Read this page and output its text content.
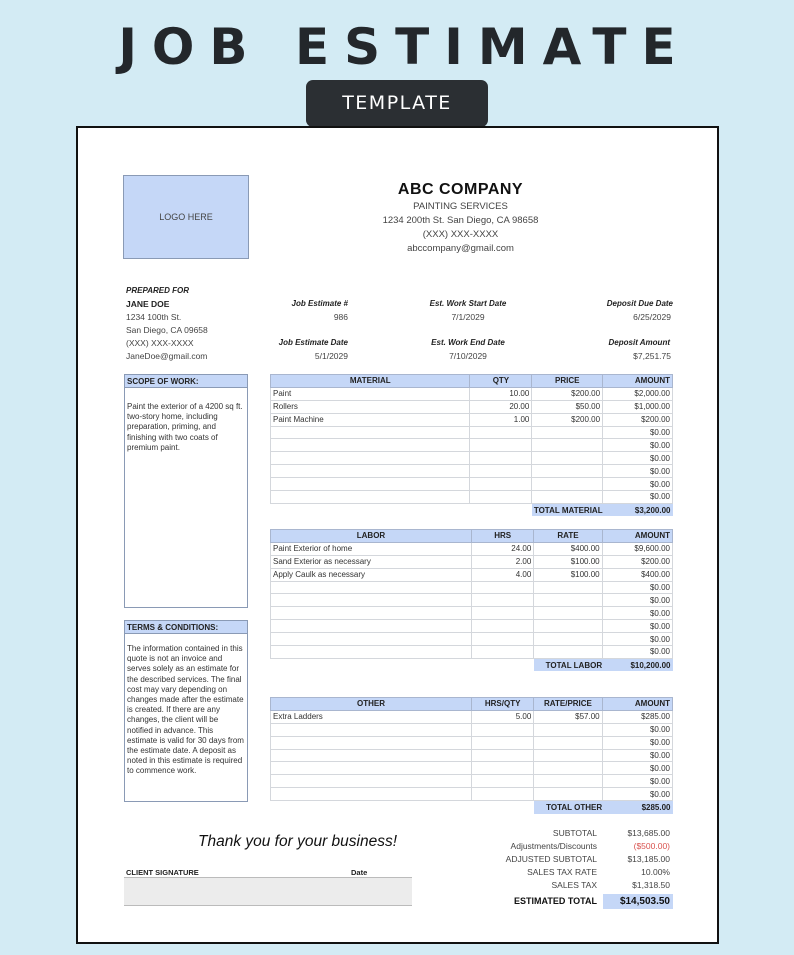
JOB ESTIMATE
TEMPLATE
LOGO HERE
ABC COMPANY
PAINTING SERVICES
1234 200th St. San Diego, CA 98658
(XXX) XXX-XXXX
abccompany@gmail.com
PREPARED FOR
JANE DOE
1234 100th St.
San Diego, CA 09658
(XXX) XXX-XXXX
JaneDoe@gmail.com
Job Estimate #
986
Job Estimate Date
5/1/2029
Est. Work Start Date
7/1/2029
Est. Work End Date
7/10/2029
Deposit Due Date
6/25/2029
Deposit Amount
$7,251.75
SCOPE OF WORK:
Paint the exterior of a 4200 sq ft. two-story home, including preparation, priming, and finishing with two coats of premium paint.
TERMS & CONDITIONS:
The information contained in this quote is not an invoice and serves solely as an estimate for the described services. The final cost may vary depending on changes made after the estimate is created. If there are any changes, the client will be notified in advance. This estimate is valid for 30 days from the estimate date. A deposit as noted in this estimate is required to commence work.
MATERIAL	QTY	PRICE	AMOUNT
Paint	10.00	$200.00	$2,000.00
Rollers	20.00	$50.00	$1,000.00
Paint Machine	1.00	$200.00	$200.00
			$0.00
			$0.00
			$0.00
			$0.00
			$0.00
			$0.00
		TOTAL MATERIAL	$3,200.00
LABOR	HRS	RATE	AMOUNT
Paint Exterior of home	24.00	$400.00	$9,600.00
Sand Exterior as necessary	2.00	$100.00	$200.00
Apply Caulk as necessary	4.00	$100.00	$400.00
			$0.00
			$0.00
			$0.00
			$0.00
			$0.00
			$0.00
		TOTAL LABOR	$10,200.00
OTHER	HRS/QTY	RATE/PRICE	AMOUNT
Extra Ladders	5.00	$57.00	$285.00
			$0.00
			$0.00
			$0.00
			$0.00
			$0.00
			$0.00
		TOTAL OTHER	$285.00
Thank you for your business!
CLIENT SIGNATURE	Date
SUBTOTAL	$13,685.00
Adjustments/Discounts	($500.00)
ADJUSTED SUBTOTAL	$13,185.00
SALES TAX RATE	10.00%
SALES TAX	$1,318.50
ESTIMATED TOTAL	$14,503.50
